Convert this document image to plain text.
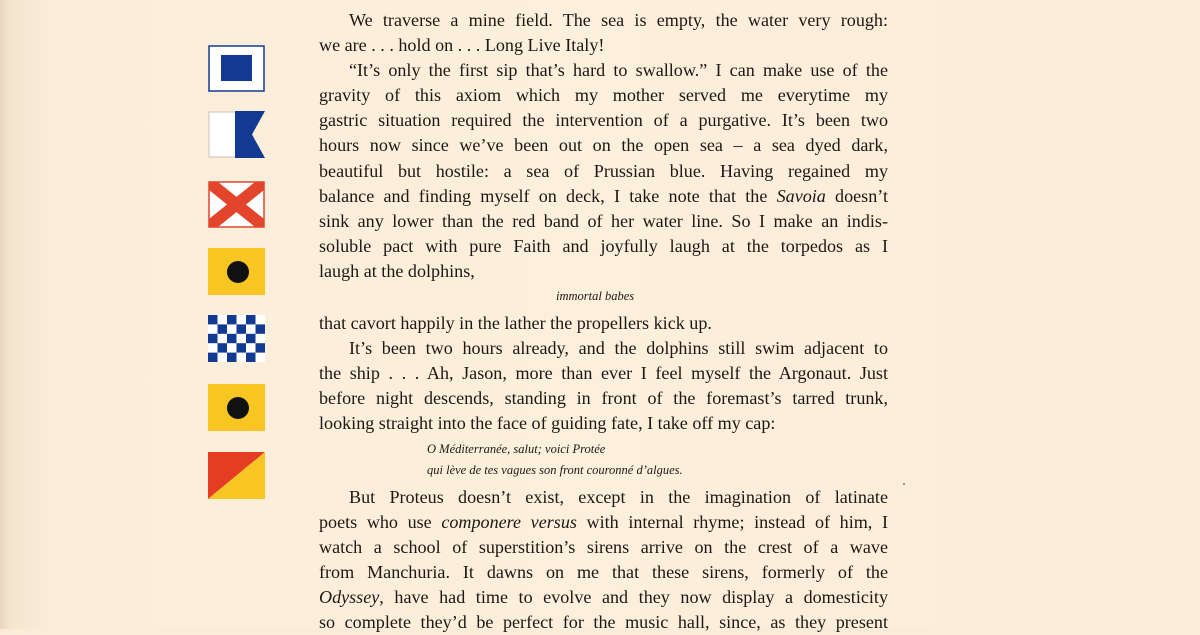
We traverse a mine field. The sea is empty, the water very rough:
we are . . . hold on . . . Long Live Italy!
“It’s only the first sip that’s hard to swallow.” I can make use of the
gravity of this axiom which my mother served me everytime my
gastric situation required the intervention of a purgative. It’s been two
hours now since we’ve been out on the open sea – a sea dyed dark,
beautiful but hostile: a sea of Prussian blue. Having regained my
balance and finding myself on deck, I take note that the Savoia doesn’t
sink any lower than the red band of her water line. So I make an indis-
soluble pact with pure Faith and joyfully laugh at the torpedos as I
laugh at the dolphins,
immortal babes
that cavort happily in the lather the propellers kick up.
It’s been two hours already, and the dolphins still swim adjacent to
the ship . . . Ah, Jason, more than ever I feel myself the Argonaut. Just
before night descends, standing in front of the foremast’s tarred trunk,
looking straight into the face of guiding fate, I take off my cap:
O Méditerranée, salut; voici Protée
qui lève de tes vagues son front couronné d’algues.
But Proteus doesn’t exist, except in the imagination of latinate
poets who use componere versus with internal rhyme; instead of him, I
watch a school of superstition’s sirens arrive on the crest of a wave
from Manchuria. It dawns on me that these sirens, formerly of the
Odyssey, have had time to evolve and they now display a domesticity
so complete they’d be perfect for the music hall, since, as they present
